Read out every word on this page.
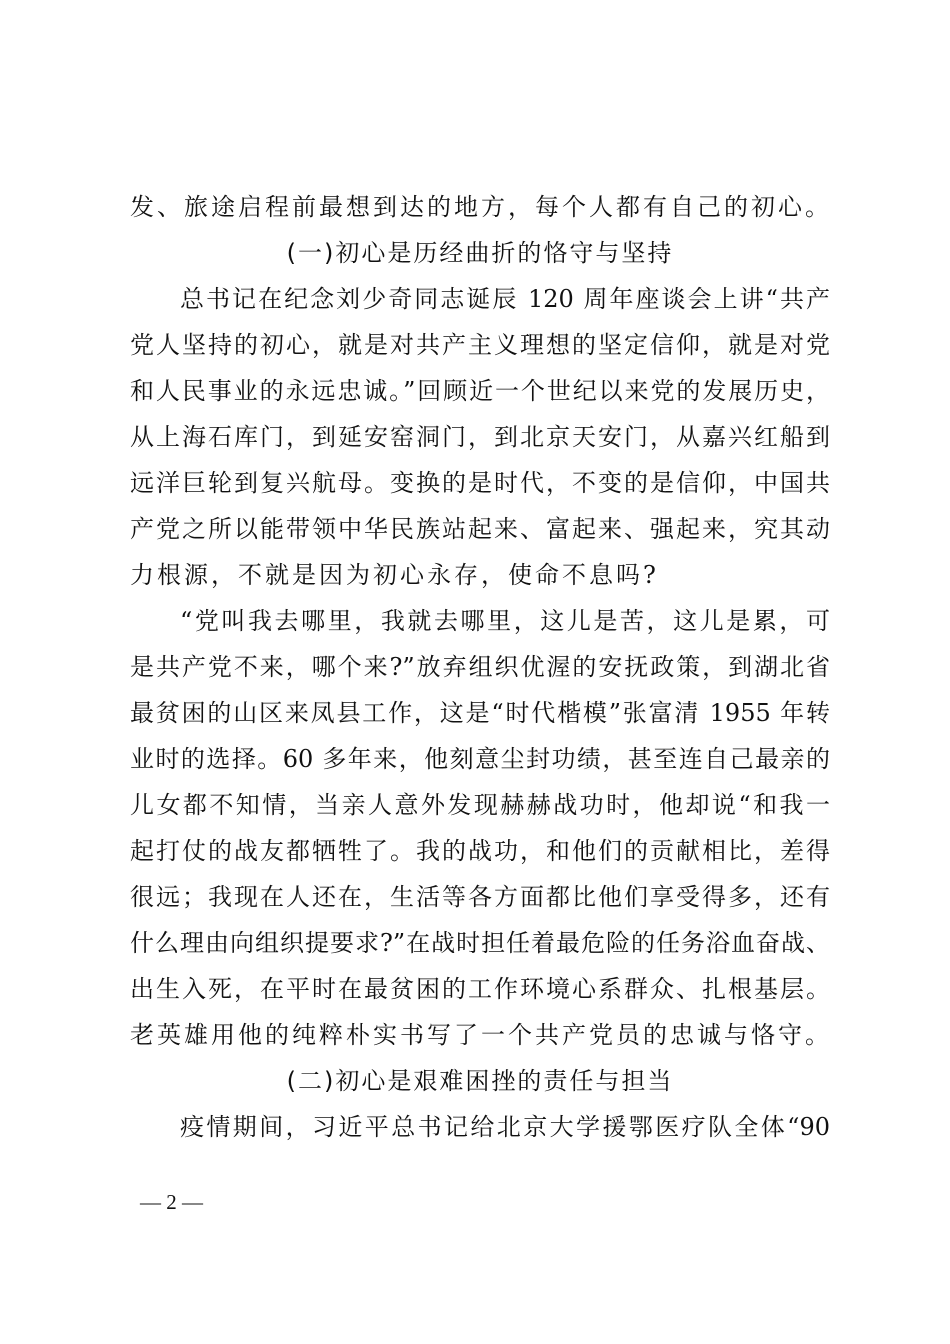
发、旅途启程前最想到达的地方，每个人都有自己的初心。
(一)初心是历经曲折的恪守与坚持
总书记在纪念刘少奇同志诞辰 120 周年座谈会上讲“共产
党人坚持的初心，就是对共产主义理想的坚定信仰，就是对党
和人民事业的永远忠诚。”回顾近一个世纪以来党的发展历史，
从上海石库门，到延安窑洞门，到北京天安门，从嘉兴红船到
远洋巨轮到复兴航母。变换的是时代，不变的是信仰，中国共
产党之所以能带领中华民族站起来、富起来、强起来，究其动
力根源，不就是因为初心永存，使命不息吗?
“党叫我去哪里，我就去哪里，这儿是苦，这儿是累，可
是共产党不来，哪个来?”放弃组织优渥的安抚政策，到湖北省
最贫困的山区来凤县工作，这是“时代楷模”张富清 1955 年转
业时的选择。60 多年来，他刻意尘封功绩，甚至连自己最亲的
儿女都不知情，当亲人意外发现赫赫战功时，他却说“和我一
起打仗的战友都牺牲了。我的战功，和他们的贡献相比，差得
很远；我现在人还在，生活等各方面都比他们享受得多，还有
什么理由向组织提要求?”在战时担任着最危险的任务浴血奋战、
出生入死，在平时在最贫困的工作环境心系群众、扎根基层。
老英雄用他的纯粹朴实书写了一个共产党员的忠诚与恪守。
(二)初心是艰难困挫的责任与担当
疫情期间，习近平总书记给北京大学援鄂医疗队全体“90
— 2 —
